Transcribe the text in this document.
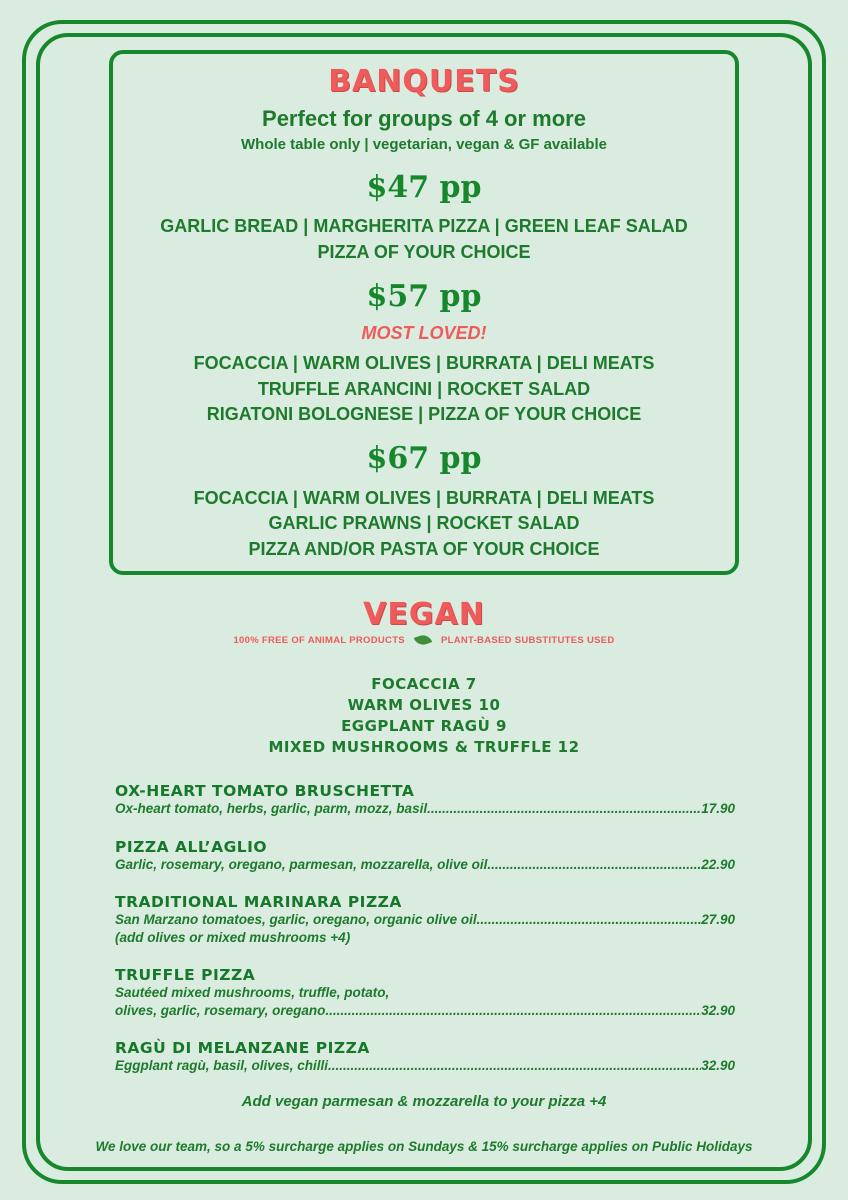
BANQUETS
Perfect for groups of 4 or more
Whole table only | vegetarian, vegan & GF available
$47 pp
GARLIC BREAD | MARGHERITA PIZZA | GREEN LEAF SALAD
PIZZA OF YOUR CHOICE
$57 pp
MOST LOVED!
FOCACCIA | WARM OLIVES | BURRATA | DELI MEATS
TRUFFLE ARANCINI | ROCKET SALAD
RIGATONI BOLOGNESE | PIZZA OF YOUR CHOICE
$67 pp
FOCACCIA | WARM OLIVES | BURRATA | DELI MEATS
GARLIC PRAWNS | ROCKET SALAD
PIZZA AND/OR PASTA OF YOUR CHOICE
VEGAN
100% FREE OF ANIMAL PRODUCTS	PLANT-BASED SUBSTITUTES USED
FOCACCIA 7
WARM OLIVES 10
EGGPLANT RAGÙ 9
MIXED MUSHROOMS & TRUFFLE 12
OX-HEART TOMATO BRUSCHETTA
Ox-heart tomato, herbs, garlic, parm, mozz, basil .....	17.90
PIZZA ALL’AGLIO
Garlic, rosemary, oregano, parmesan, mozzarella, olive oil .....	22.90
TRADITIONAL MARINARA PIZZA
San Marzano tomatoes, garlic, oregano, organic olive oil .....	27.90
(add olives or mixed mushrooms +4)
TRUFFLE PIZZA
Sautéed mixed mushrooms, truffle, potato,
olives, garlic, rosemary, oregano .....	32.90
RAGÙ DI MELANZANE PIZZA
Eggplant ragù, basil, olives, chilli .....	32.90
Add vegan parmesan & mozzarella to your pizza +4
We love our team, so a 5% surcharge applies on Sundays & 15% surcharge applies on Public Holidays
